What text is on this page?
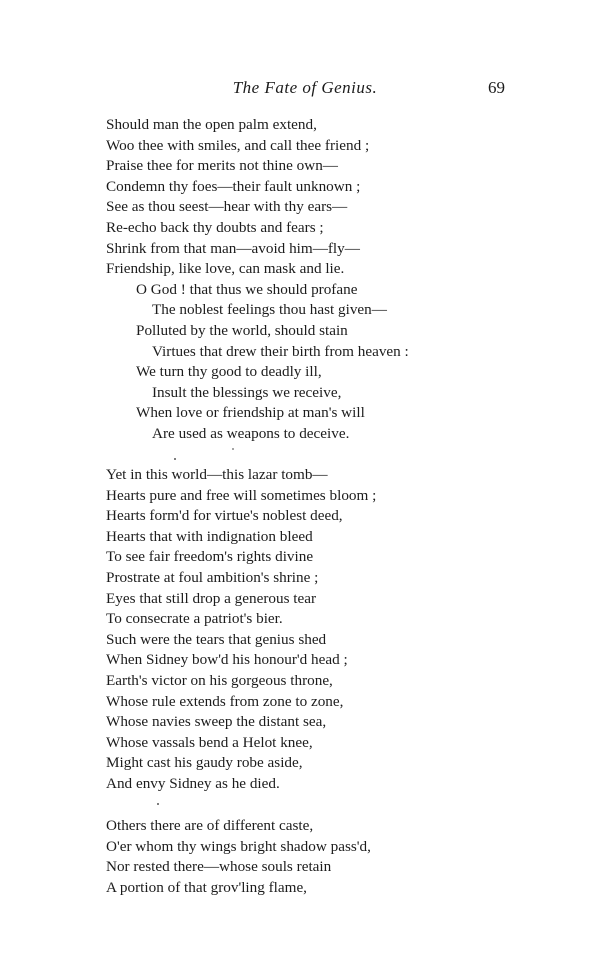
The Fate of Genius.	69
Should man the open palm extend,
Woo thee with smiles, and call thee friend ;
Praise thee for merits not thine own—
Condemn thy foes—their fault unknown ;
See as thou seest—hear with thy ears—
Re-echo back thy doubts and fears ;
Shrink from that man—avoid him—fly—
Friendship, like love, can mask and lie.
O God ! that thus we should profane
The noblest feelings thou hast given—
Polluted by the world, should stain
Virtues that drew their birth from heaven :
We turn thy good to deadly ill,
Insult the blessings we receive,
When love or friendship at man's will
Are used as weapons to deceive.
Yet in this world—this lazar tomb—
Hearts pure and free will sometimes bloom ;
Hearts form'd for virtue's noblest deed,
Hearts that with indignation bleed
To see fair freedom's rights divine
Prostrate at foul ambition's shrine ;
Eyes that still drop a generous tear
To consecrate a patriot's bier.
Such were the tears that genius shed
When Sidney bow'd his honour'd head ;
Earth's victor on his gorgeous throne,
Whose rule extends from zone to zone,
Whose navies sweep the distant sea,
Whose vassals bend a Helot knee,
Might cast his gaudy robe aside,
And envy Sidney as he died.
Others there are of different caste,
O'er whom thy wings bright shadow pass'd,
Nor rested there—whose souls retain
A portion of that grov'ling flame,
